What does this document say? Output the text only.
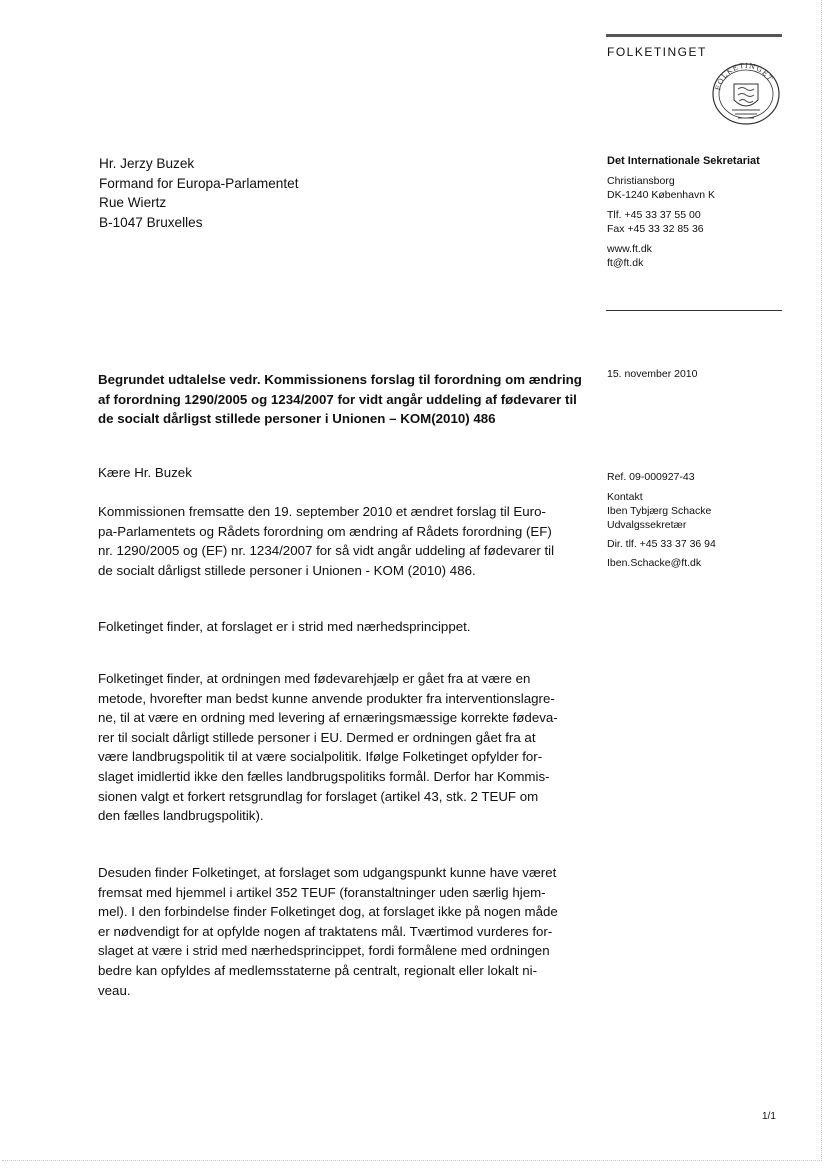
FOLKETINGET
FOLKETINGET
Hr. Jerzy Buzek
Formand for Europa-Parlamentet
Rue Wiertz
B-1047 Bruxelles
Det Internationale Sekretariat
Christiansborg
DK-1240 København K
Tlf. +45 33 37 55 00
Fax +45 33 32 85 36
www.ft.dk
ft@ft.dk
15. november 2010
Begrundet udtalelse vedr. Kommissionens forslag til forordning om ændring
af forordning 1290/2005 og 1234/2007 for vidt angår uddeling af fødevarer til
de socialt dårligst stillede personer i Unionen – KOM(2010) 486
Ref. 09-000927-43
Kontakt
Iben Tybjærg Schacke
Udvalgssekretær
Dir. tlf. +45 33 37 36 94
Iben.Schacke@ft.dk
Kære Hr. Buzek
Kommissionen fremsatte den 19. september 2010 et ændret forslag til Euro-
pa-Parlamentets og Rådets forordning om ændring af Rådets forordning (EF)
nr. 1290/2005 og (EF) nr. 1234/2007 for så vidt angår uddeling af fødevarer til
de socialt dårligst stillede personer i Unionen - KOM (2010) 486.
Folketinget finder, at forslaget er i strid med nærhedsprincippet.
Folketinget finder, at ordningen med fødevarehjælp er gået fra at være en
metode, hvorefter man bedst kunne anvende produkter fra interventionslagre-
ne, til at være en ordning med levering af ernæringsmæssige korrekte fødeva-
rer til socialt dårligt stillede personer i EU. Dermed er ordningen gået fra at
være landbrugspolitik til at være socialpolitik. Ifølge Folketinget opfylder for-
slaget imidlertid ikke den fælles landbrugspolitiks formål. Derfor har Kommis-
sionen valgt et forkert retsgrundlag for forslaget (artikel 43, stk. 2 TEUF om
den fælles landbrugspolitik).
Desuden finder Folketinget, at forslaget som udgangspunkt kunne have været
fremsat med hjemmel i artikel 352 TEUF (foranstaltninger uden særlig hjem-
mel). I den forbindelse finder Folketinget dog, at forslaget ikke på nogen måde
er nødvendigt for at opfylde nogen af traktatens mål. Tværtimod vurderes for-
slaget at være i strid med nærhedsprincippet, fordi formålene med ordningen
bedre kan opfyldes af medlemsstaterne på centralt, regionalt eller lokalt ni-
veau.
1/1
